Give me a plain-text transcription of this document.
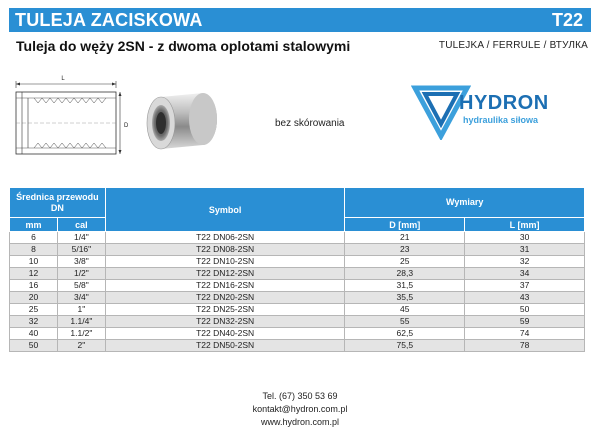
TULEJA ZACISKOWA	T22
Tuleja do węży 2SN - z dwoma oplotami stalowymi	TULEJKA / FERRULE / ВТУЛКА
L
D	bez skórowania
HYDRON
hydraulika siłowa
Średnica przewodu DN		Symbol	Wymiary	
mm	cal		D [mm]	L [mm]
6	1/4"	T22 DN06-2SN	21	30
8	5/16"	T22 DN08-2SN	23	31
10	3/8"	T22 DN10-2SN	25	32
12	1/2"	T22 DN12-2SN	28,3	34
16	5/8"	T22 DN16-2SN	31,5	37
20	3/4"	T22 DN20-2SN	35,5	43
25	1"	T22 DN25-2SN	45	50
32	1.1/4"	T22 DN32-2SN	55	59
40	1.1/2"	T22 DN40-2SN	62,5	74
50	2"	T22 DN50-2SN	75,5	78
Tel. (67) 350 53 69
kontakt@hydron.com.pl
www.hydron.com.pl
